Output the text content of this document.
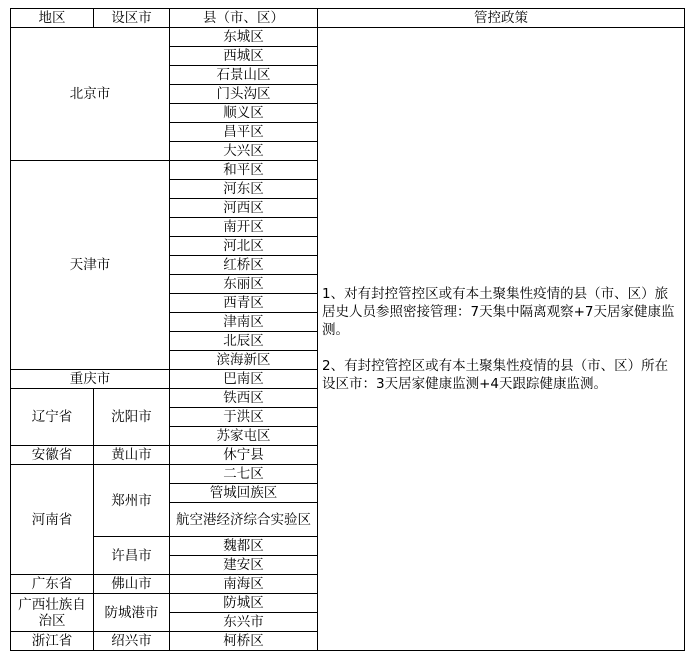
地区	设区市	县（市、区）	管控政策
北京市		东城区	1、对有封控管控区或有本土聚集性疫情的县（市、区）旅居史人员参照密接管理：7天集中隔离观察+7天居家健康监测。

2、有封控管控区或有本土聚集性疫情的县（市、区）所在设区市：3天居家健康监测+4天跟踪健康监测。

		西城区	
		石景山区	
		门头沟区	
		顺义区	
		昌平区	
		大兴区	
天津市		和平区	
		河东区	
		河西区	
		南开区	
		河北区	
		红桥区	
		东丽区	
		西青区	
		津南区	
		北辰区	
		滨海新区	
重庆市		巴南区	
辽宁省	沈阳市	铁西区	
		于洪区	
		苏家屯区	
安徽省	黄山市	休宁县	
河南省	郑州市	二七区	
		管城回族区	
		航空港经济综合实验区	
	许昌市	魏都区	
		建安区	
广东省	佛山市	南海区	
广西壮族自治区	防城港市	防城区	
		东兴市	
浙江省	绍兴市	柯桥区	
